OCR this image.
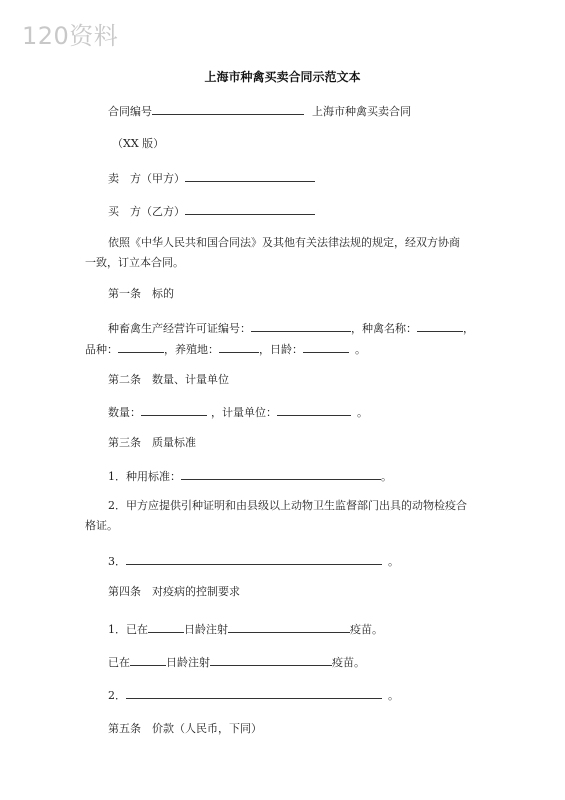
120资料
上海市种禽买卖合同示范文本
合同编号	上海市种禽买卖合同
（XX 版）
卖　方（甲方）
买　方（乙方）
依照《中华人民共和国合同法》及其他有关法律法规的规定，经双方协商
一致，订立本合同。
第一条　标的
种畜禽生产经营许可证编号：	，种禽名称：	，
品种：	，养殖地：	，日龄：	。
第二条　数量、计量单位
数量：	，计量单位：	。
第三条　质量标准
1．种用标准：	。
2．甲方应提供引种证明和由县级以上动物卫生监督部门出具的动物检疫合
格证。
3．	。
第四条　对疫病的控制要求
1．已在	日龄注射	疫苗。
已在	日龄注射	疫苗。
2．	。
第五条　价款（人民币，下同）
